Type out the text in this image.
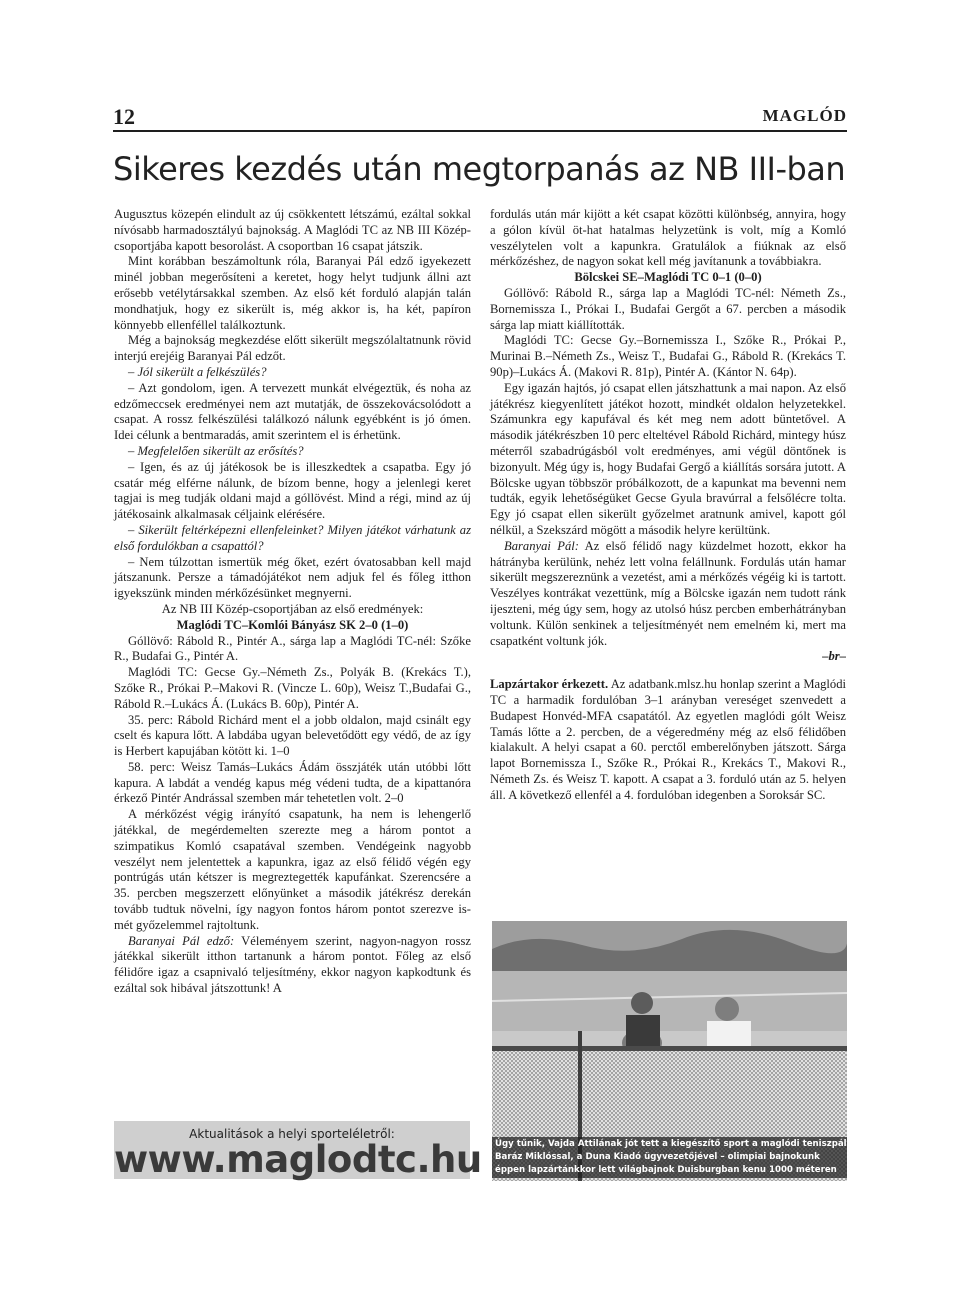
12	MAGLÓD
Sikeres kezdés után megtorpanás az NB III-ban

Augusztus közepén elindult az új csökkentett létszámú, ezáltal sokkal nívósabb harmadosztályú bajnokság. A Maglódi TC az NB III Közép-csoportjába kapott besorolást. A csoportban 16 csapat játszik.

Mint korábban beszámoltunk róla, Baranyai Pál edző igyekezett minél jobban megerősíteni a keretet, hogy helyt tudjunk állni azt erősebb vetélytársakkal szemben. Az első két forduló alapján talán mondhatjuk, hogy ez sikerült is, még akkor is, ha két, papíron könnyebb ellenféllel találkoztunk.

Még a bajnokság megkezdése előtt sikerült megszólaltatnunk rövid interjú erejéig Baranyai Pál edzőt.

– Jól sikerült a felkészülés?

– Azt gondolom, igen. A tervezett munkát elvégeztük, és noha az edzőmeccsek eredményei nem azt mutatják, de összekovácsolódott a csapat. A rossz felkészülési találkozó nálunk egyébként is jó ómen. Idei célunk a bentmaradás, amit szerintem el is érhetünk.

– Megfelelően sikerült az erősítés?

– Igen, és az új játékosok be is illeszkedtek a csapatba. Egy jó csatár még elférne nálunk, de bízom benne, hogy a jelenlegi keret tagjai is meg tudják oldani majd a góllövést. Mind a régi, mind az új játékosaink alkalmasak céljaink elérésére.

– Sikerült feltérképezni ellenfeleinket? Milyen játékot várhatunk az első fordulókban a csapattól?

– Nem túlzottan ismertük még őket, ezért óvatosabban kell majd játszanunk. Persze a támadójátékot nem adjuk fel és főleg itthon igyekszünk minden mérkőzésünket megnyerni.

Az NB III Közép-csoportjában az első eredmények:

Maglódi TC–Komlói Bányász SK 2–0 (1–0)

Góllövő: Rábold R., Pintér A., sárga lap a Maglódi TC-nél: Szőke R., Budafai G., Pintér A.

Maglódi TC: Gecse Gy.–Németh Zs., Polyák B. (Krekács T.), Szőke R., Prókai P.–Makovi R. (Vincze L. 60p), Weisz T.,Budafai G., Rábold R.–Lukács Á. (Lukács B. 60p), Pintér A.

35. perc: Rábold Richárd ment el a jobb oldalon, majd csinált egy cselt és kapura lőtt. A labdába ugyan belevetődött egy védő, de az így is Herbert kapujában kötött ki. 1–0

58. perc: Weisz Tamás–Lukács Ádám összjáték után utóbbi lőtt kapura. A labdát a vendég kapus még védeni tudta, de a kipattanóra érkező Pintér Andrással szemben már tehetetlen volt. 2–0

A mérkőzést végig irányító csapatunk, ha nem is lehengerlő játékkal, de megérdemelten szerezte meg a három pontot a szimpatikus Komló csapatával szemben. Vendégeink nagyobb veszélyt nem jelentettek a kapunkra, igaz az első félidő végén egy pontrúgás után kétszer is megreztegették kapufánkat. Szerencsére a 35. percben megszerzett előnyünket a második játékrész derekán tovább tudtuk növelni, így nagyon fontos három pontot szerezve is- mét győzelemmel rajtoltunk.

Baranyai Pál edző: Véleményem szerint, nagyon-nagyon rossz játékkal sikerült itthon tartanunk a három pontot. Főleg az első félidőre igaz a csapnivaló teljesítmény, ekkor nagyon kapkodtunk és ezáltal sok hibával játszottunk! A

fordulás után már kijött a két csapat közötti különbség, annyira, hogy a gólon kívül öt-hat hatalmas helyzetünk is volt, míg a Komló veszélytelen volt a kapunkra. Gratulálok a fiúknak az első mérkőzéshez, de nagyon sokat kell még javítanunk a továbbiakra.

Bölcskei SE–Maglódi TC 0–1 (0–0)

Góllövő: Rábold R., sárga lap a Maglódi TC-nél: Németh Zs., Bornemissza I., Prókai I., Budafai Gergőt a 67. percben a második sárga lap miatt kiállították.

Maglódi TC: Gecse Gy.–Bornemissza I., Szőke R., Prókai P., Murinai B.–Németh Zs., Weisz T., Budafai G., Rábold R. (Krekács T. 90p)–Lukács Á. (Makovi R. 81p), Pintér A. (Kántor N. 64p).

Egy igazán hajtós, jó csapat ellen játszhattunk a mai napon. Az első játékrész kiegyenlített játékot hozott, mindkét oldalon helyzetekkel. Számunkra egy kapufával és két meg nem adott büntetővel. A második játékrészben 10 perc elteltével Rábold Richárd, mintegy húsz méterről szabadrúgásból volt eredményes, ami végül döntőnek is bizonyult. Még úgy is, hogy Budafai Gergő a kiállítás sorsára jutott. A Bölcske ugyan többször próbálkozott, de a kapunkat ma bevenni nem tudták, egyik lehetőségüket Gecse Gyula bravúrral a felsőlécre tolta. Egy jó csapat ellen sikerült győzelmet aratnunk amivel, kapott gól nélkül, a Szekszárd mögött a második helyre kerültünk.

Baranyai Pál: Az első félidő nagy küzdelmet hozott, ekkor ha hátrányba kerülünk, nehéz lett volna felállnunk. Fordulás után hamar sikerült megszereznünk a vezetést, ami a mérkőzés végéig ki is tartott. Veszélyes kontrákat vezettünk, míg a Bölcske igazán nem tudott ránk ijeszteni, még úgy sem, hogy az utolsó húsz percben emberhátrányban voltunk. Külön senkinek a teljesítményét nem emelném ki, mert ma csapatként voltunk jók.

–br–

Lapzártakor érkezett. Az adatbank.mlsz.hu honlap szerint a Maglódi TC a harmadik fordulóban 3–1 arányban vereséget szenvedett a Budapest Honvéd-MFA csapatától. Az egyetlen maglódi gólt Weisz Tamás lőtte a 2. percben, de a végeredmény még az első félidőben kialakult. A helyi csapat a 60. perctől emberelőnyben játszott. Sárga lapot Bornemissza I., Szőke R., Prókai R., Krekács T., Makovi R., Németh Zs. és Weisz T. kapott. A csapat a 3. forduló után az 5. helyen áll. A következő ellenfél a 4. fordulóban idegenben a Soroksár SC.

Aktualitások a helyi sporteléletről:
www.maglodtc.hu	Úgy tűnik, Vajda Attilának jót tett a kiegészítő sport a maglódi teniszpályán
Baráz Miklóssal, a Duna Kiadó ügyvezetőjével – olimpiai bajnokunk
éppen lapzártánkkor lett világbajnok Duisburgban kenu 1000 méteren
